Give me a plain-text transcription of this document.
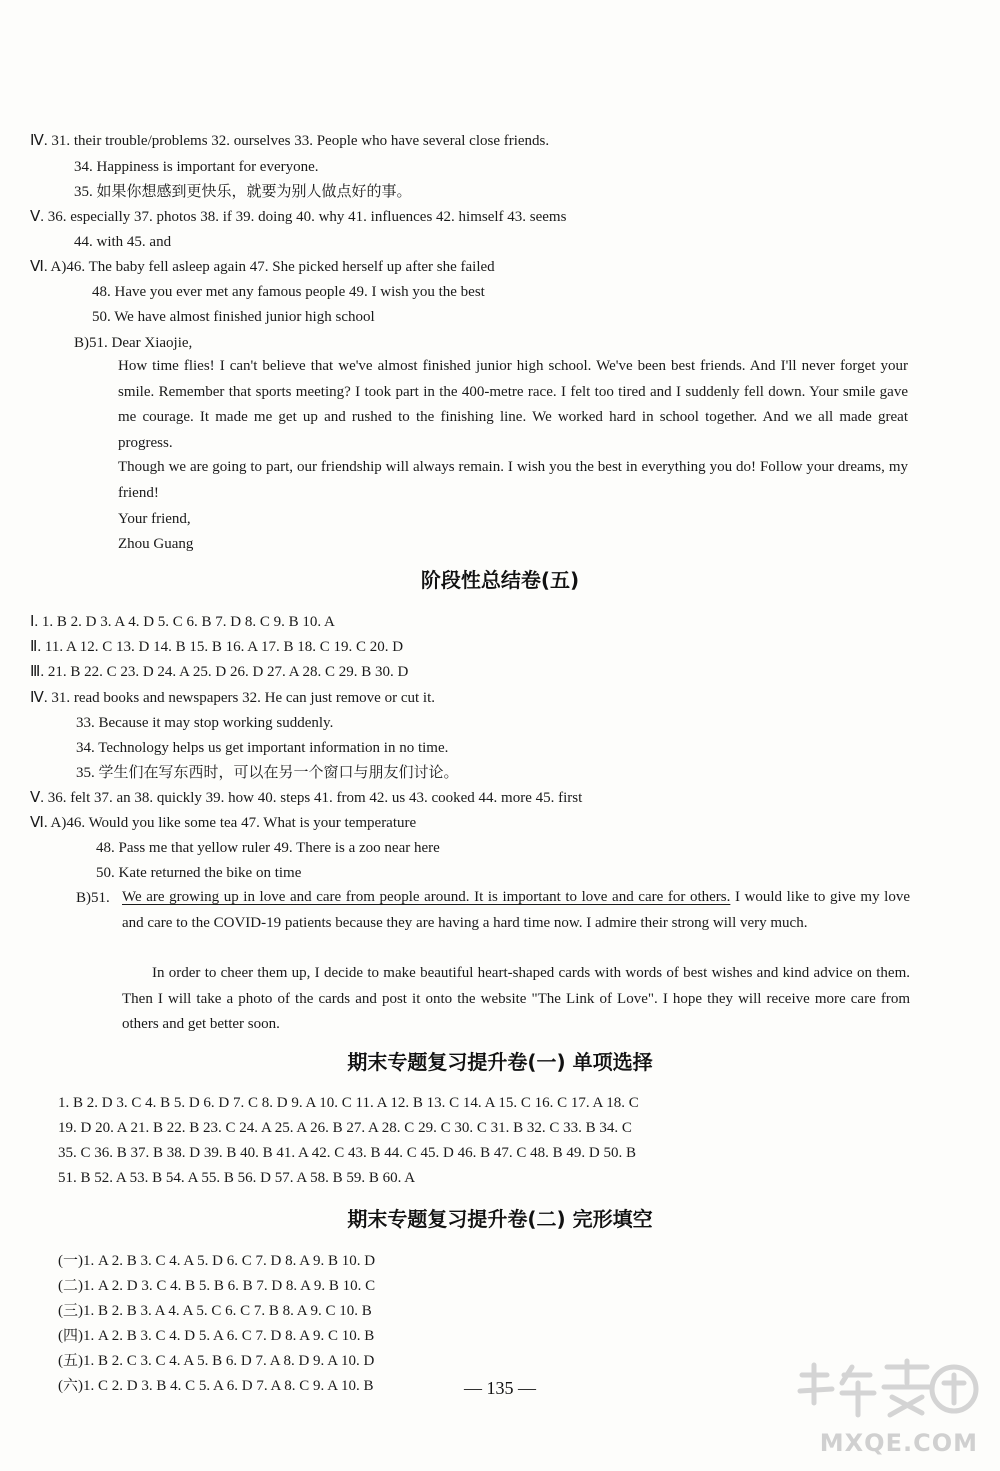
Ⅳ. 31. their trouble/problems 32. ourselves 33. People who have several close friends.
34. Happiness is important for everyone.
35. 如果你想感到更快乐，就要为别人做点好的事。
Ⅴ. 36. especially 37. photos 38. if 39. doing 40. why 41. influences 42. himself 43. seems
44. with 45. and
Ⅵ. A)46. The baby fell asleep again 47. She picked herself up after she failed
48. Have you ever met any famous people 49. I wish you the best
50. We have almost finished junior high school
B)51. Dear Xiaojie,
How time flies! I can't believe that we've almost finished junior high school. We've been best friends. And I'll never forget your smile. Remember that sports meeting? I took part in the 400-metre race. I felt too tired and I suddenly fell down. Your smile gave me courage. It made me get up and rushed to the finishing line. We worked hard in school together. And we all made great progress.
Though we are going to part, our friendship will always remain. I wish you the best in everything you do! Follow your dreams, my friend!
Your friend,
Zhou Guang
阶段性总结卷(五)
Ⅰ. 1. B 2. D 3. A 4. D 5. C 6. B 7. D 8. C 9. B 10. A
Ⅱ. 11. A 12. C 13. D 14. B 15. B 16. A 17. B 18. C 19. C 20. D
Ⅲ. 21. B 22. C 23. D 24. A 25. D 26. D 27. A 28. C 29. B 30. D
Ⅳ. 31. read books and newspapers 32. He can just remove or cut it.
33. Because it may stop working suddenly.
34. Technology helps us get important information in no time.
35. 学生们在写东西时，可以在另一个窗口与朋友们讨论。
Ⅴ. 36. felt 37. an 38. quickly 39. how 40. steps 41. from 42. us 43. cooked 44. more 45. first
Ⅵ. A)46. Would you like some tea 47. What is your temperature
48. Pass me that yellow ruler 49. There is a zoo near here
50. Kate returned the bike on time
B)51. We are growing up in love and care from people around. It is important to love and care for others. I would like to give my love and care to the COVID-19 patients because they are having a hard time now. I admire their strong will very much.
In order to cheer them up, I decide to make beautiful heart-shaped cards with words of best wishes and kind advice on them. Then I will take a photo of the cards and post it onto the website "The Link of Love". I hope they will receive more care from others and get better soon.
期末专题复习提升卷(一) 单项选择
1. B 2. D 3. C 4. B 5. D 6. D 7. C 8. D 9. A 10. C 11. A 12. B 13. C 14. A 15. C 16. C 17. A 18. C
19. D 20. A 21. B 22. B 23. C 24. A 25. A 26. B 27. A 28. C 29. C 30. C 31. B 32. C 33. B 34. C
35. C 36. B 37. B 38. D 39. B 40. B 41. A 42. C 43. B 44. C 45. D 46. B 47. C 48. B 49. D 50. B
51. B 52. A 53. B 54. A 55. B 56. D 57. A 58. B 59. B 60. A
期末专题复习提升卷(二) 完形填空
(一)1. A 2. B 3. C 4. A 5. D 6. C 7. D 8. A 9. B 10. D
(二)1. A 2. D 3. C 4. B 5. B 6. B 7. D 8. A 9. B 10. C
(三)1. B 2. B 3. A 4. A 5. C 6. C 7. B 8. A 9. C 10. B
(四)1. A 2. B 3. C 4. D 5. A 6. C 7. D 8. A 9. C 10. B
(五)1. B 2. C 3. C 4. A 5. B 6. D 7. A 8. D 9. A 10. D
(六)1. C 2. D 3. B 4. C 5. A 6. D 7. A 8. C 9. A 10. B	— 135 —
MXQE.COM
